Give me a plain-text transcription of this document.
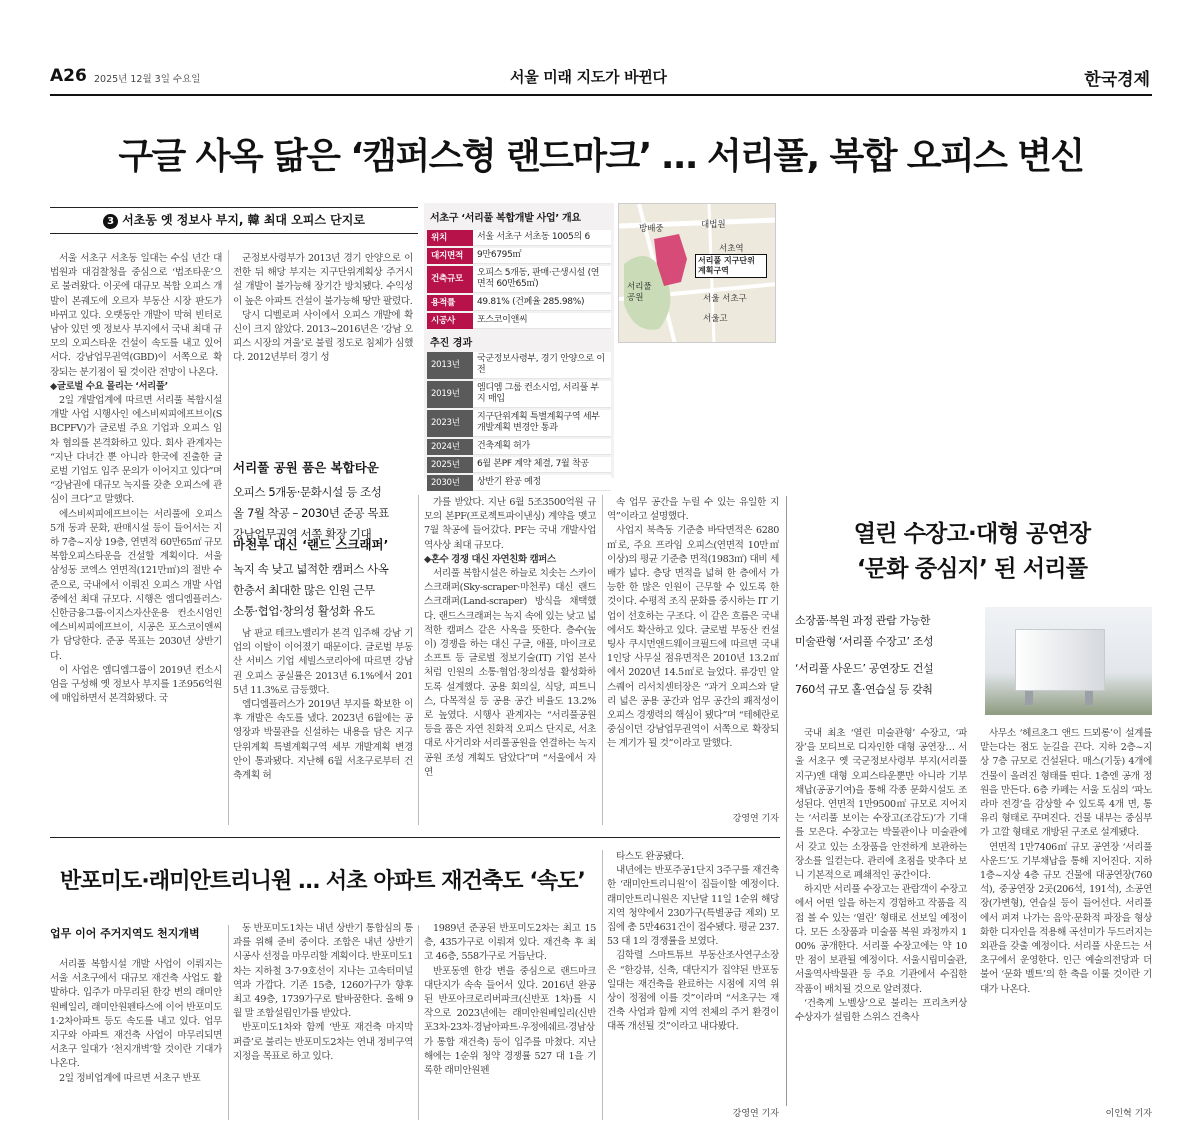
A26 2025년 12월 3일 수요일	서울 미래 지도가 바뀐다	한국경제
구글 사옥 닮은 ‘캠퍼스형 랜드마크’ … 서리풀, 복합 오피스 변신
3 서초동 옛 정보사 부지, 韓 최대 오피스 단지로

서울 서초구 서초동 일대는 수십 년간 대법원과 대검찰청을 중심으로 ‘법조타운’으로 불려왔다. 이곳에 대규모 복합 오피스 개발이 본궤도에 오르자 부동산 시장 판도가 바뀌고 있다. 오랫동안 개발이 막혀 빈터로 남아 있던 옛 정보사 부지에서 국내 최대 규모의 오피스타운 건설이 속도를 내고 있어서다. 강남업무권역(GBD)이 서쪽으로 확장되는 분기점이 될 것이란 전망이 나온다.

◆글로벌 수요 몰리는 ‘서리풀’

2일 개발업계에 따르면 서리풀 복합시설 개발 사업 시행사인 에스비씨피에프브이(SBCPFV)가 글로벌 주요 기업과 오피스 임차 협의를 본격화하고 있다. 회사 관계자는 “지난 다녀간 뿐 아니라 한국에 진출한 글로벌 기업도 입주 문의가 이어지고 있다”며 “강남권에 대규모 녹지를 갖춘 오피스에 관심이 크다”고 말했다.

에스비씨피에프브이는 서리풀에 오피스 5개 동과 문화, 판매시설 등이 들어서는 지하 7층~지상 19층, 연면적 60만65㎡ 규모 복합오피스타운을 건설할 계획이다. 서울 삼성동 코엑스 연면적(121만㎡)의 절반 수준으로, 국내에서 이뤄진 오피스 개발 사업 중에선 최대 규모다. 시행은 엠디엠플러스·신한금융그룹·이지스자산운용 컨소시엄인 에스비씨피에프브이, 시공은 포스코이앤씨가 담당한다. 준공 목표는 2030년 상반기다.

이 사업은 엠디엠그룹이 2019년 컨소시엄을 구성해 옛 정보사 부지를 1조956억원에 매입하면서 본격화됐다. 국

군정보사령부가 2013년 경기 안양으로 이전한 뒤 해당 부지는 지구단위계획상 주거시설 개발이 불가능해 장기간 방치됐다. 수익성이 높은 아파트 건설이 불가능해 땅만 팔렸다.

당시 디벨로퍼 사이에서 오피스 개발에 확신이 크지 않았다. 2013~2016년은 ‘강남 오피스 시장의 겨울’로 불릴 정도로 침체가 심했다. 2012년부터 경기 성

서리풀 공원 품은 복합타운
오피스 5개동·문화시설 등 조성
올 7월 착공 – 2030년 준공 목표
강남업무권역 서쪽 확장 기대
마천루 대신 ‘랜드 스크래퍼’
녹지 속 낮고 넓적한 캠퍼스 사옥
한층서 최대한 많은 인원 근무
소통·협업·창의성 활성화 유도

남 판교 테크노밸리가 본격 입주해 강남 기업의 이탈이 이어졌기 때문이다. 글로벌 부동산 서비스 기업 세빌스코리아에 따르면 강남권 오피스 공실률은 2013년 6.1%에서 2015년 11.3%로 급등했다.

엠디엠플러스가 2019년 부지를 확보한 이후 개발은 속도를 냈다. 2023년 6월에는 공영장과 박물관을 신설하는 내용을 담은 지구단위계획 특별계획구역 세부 개발계획 변경안이 통과됐다. 지난해 6월 서초구로부터 건축계획 허

서초구 ‘서리풀 복합개발 사업’ 개요
위치	서울 서초구 서초동 1005의 6
대지면적	9만6795㎡
건축규모	오피스 5개동, 판매·근생시설 (연면적 60만65㎡)
용적률	49.81% (건폐율 285.98%)
시공사	포스코이앤씨
추진 경과
2013년	국군정보사령부, 경기 안양으로 이전
2019년	엠디엠 그룹 컨소시엄, 서리풀 부지 매입
2023년	지구단위계획 특별계획구역 세부 개발계획 변경안 통과
2024년	건축계획 허가
2025년	6월 본PF 계약 체결, 7월 착공
2030년	상반기 완공 예정
방배중	대법원
서초역
서리풀 지구단위 계획구역
서리풀 공원	서울 서초구
서울고
서리풀 복합시설 개발사업 조감도

가를 받았다. 지난 6월 5조3500억원 규모의 본PF(프로젝트파이낸싱) 계약을 맺고 7월 착공에 들어갔다. PF는 국내 개발사업 역사상 최대 규모다.

◆혼수 경쟁 대신 자연친화 캠퍼스

서리풀 복합시설은 하늘로 치솟는 스카이스크래퍼(Sky-scraper·마천루) 대신 랜드스크래퍼(Land-scraper) 방식을 채택했다. 랜드스크래퍼는 녹지 속에 있는 낮고 넓적한 캠퍼스 같은 사옥을 뜻한다. 층수(높이) 경쟁을 하는 대신 구글, 애플, 마이크로소프트 등 글로벌 정보기술(IT) 기업 본사처럼 인원의 소통·협업·창의성을 활성화하도록 설계했다. 공용 회의실, 식당, 피트니스, 다목적실 등 공용 공간 비율도 13.2%로 높였다. 시행사 관계자는 “서리풀공원 등을 품은 자연 친화적 오피스 단지로, 서초대로 사거리와 서리풀공원을 연결하는 녹지 공원 조성 계획도 담았다”며 “서울에서 자연

속 업무 공간을 누릴 수 있는 유일한 지역”이라고 설명했다.

사업지 북측동 기준층 바닥면적은 6280㎡로, 주요 프라임 오피스(연면적 10만㎡ 이상)의 평균 기준층 면적(1983㎡) 대비 세 배가 넓다. 층당 면적을 넓혀 한 층에서 가능한 한 많은 인원이 근무할 수 있도록 한 것이다. 수평적 조직 문화를 중시하는 IT 기업이 선호하는 구조다. 이 같은 흐름은 국내에서도 확산하고 있다. 글로벌 부동산 컨설팅사 쿠시먼앤드웨이크필드에 따르면 국내 1인당 사무실 점유면적은 2010년 13.2㎡에서 2020년 14.5㎡로 늘었다. 류강민 알스퀘어 리서치센터장은 “과거 오피스와 달리 넓은 공용 공간과 업무 공간의 쾌적성이 오피스 경쟁력의 핵심이 됐다”며 “테헤란로 중심이던 강남업무권역이 서쪽으로 확장되는 계기가 될 것”이라고 말했다.

강영연 기자
열린 수장고·대형 공연장
‘문화 중심지’ 된 서리풀
소장품·복원 과정 관람 가능한
미술관형 ‘서리풀 수장고’ 조성
‘서리풀 사운드’ 공연장도 건설
760석 규모 홀·연습실 등 갖춰

국내 최초 ‘열린 미술관형’ 수장고, ‘파장’을 모티브로 디자인한 대형 공연장… 서울 서초구 옛 국군정보사령부 부지(서리풀지구)엔 대형 오피스타운뿐만 아니라 기부채납(공공기여)을 통해 각종 문화시설도 조성된다. 연면적 1만9500㎡ 규모로 지어지는 ‘서리풀 보이는 수장고(조감도)’가 기대를 모은다. 수장고는 박물관이나 미술관에서 갖고 있는 소장품을 안전하게 보관하는 장소를 일컫는다. 관리에 초점을 맞추다 보니 기본적으로 폐쇄적인 공간이다.

하지만 서리풀 수장고는 관람객이 수장고에서 어떤 일을 하는지 경험하고 작품을 직접 볼 수 있는 ‘열린’ 형태로 선보일 예정이다. 모든 소장품과 미술품 복원 과정까지 100% 공개한다. 서리풀 수장고에는 약 10만 점이 보관될 예정이다. 서울시립미술관, 서울역사박물관 등 주요 기관에서 수집한 작품이 배치될 것으로 알려졌다.

‘건축계 노벨상’으로 불리는 프리츠커상 수상자가 설립한 스위스 건축사

사무소 ‘헤르초그 앤드 드뫼롱’이 설계를 맡는다는 점도 눈길을 끈다. 지하 2층~지상 7층 규모로 건설된다. 매스(기둥) 4개에 건물이 올려진 형태를 띤다. 1층엔 공개 정원을 만든다. 6층 카페는 서울 도심의 ‘파노라마 전경’을 감상할 수 있도록 4개 면, 통유리 형태로 꾸며진다. 건물 내부는 중심부가 고깔 형태로 개방된 구조로 설계됐다.

연면적 1만7406㎡ 규모 공연장 ‘서리풀 사운드’도 기부채납을 통해 지어진다. 지하 1층~지상 4층 규모 건물에 대공연장(760석), 중공연장 2곳(206석, 191석), 소공연장(가변형), 연습실 등이 들어선다. 서리풀에서 퍼져 나가는 음악·문화적 파장을 형상화한 디자인을 적용해 곡선미가 두드러지는 외관을 갖출 예정이다. 서리풀 사운드는 서초구에서 운영한다. 인근 예술의전당과 더불어 ‘문화 벨트’의 한 축을 이룰 것이란 기대가 나온다.

이인혁 기자
반포미도·래미안트리니원 … 서초 아파트 재건축도 ‘속도’
업무 이어 주거지역도 천지개벽

서리풀 복합시설 개발 사업이 이뤄지는 서울 서초구에서 대규모 재건축 사업도 활발하다. 입주가 마무리된 한강 변의 래미안원베일리, 래미안원펜타스에 이어 반포미도1·2차아파트 등도 속도를 내고 있다. 업무지구와 아파트 재건축 사업이 마무리되면 서초구 일대가 ‘천지개벽’할 것이란 기대가 나온다.

2일 정비업계에 따르면 서초구 반포

동 반포미도1차는 내년 상반기 통합심의 통과를 위해 준비 중이다. 조합은 내년 상반기 시공사 선정을 마무리할 계획이다. 반포미도1차는 지하철 3·7·9호선이 지나는 고속터미널역과 가깝다. 기존 15층, 1260가구가 향후 최고 49층, 1739가구로 탈바꿈한다. 올해 9월 말 조합설립인가를 받았다.

반포미도1차와 함께 ‘반포 재건축 마지막 퍼즐’로 불리는 반포미도2차는 연내 정비구역 지정을 목표로 하고 있다.

1989년 준공된 반포미도2차는 최고 15층, 435가구로 이뤄져 있다. 재건축 후 최고 46층, 558가구로 거듭난다.

반포동엔 한강 변을 중심으로 랜드마크 대단지가 속속 들어서 있다. 2016년 완공된 반포아크로리버파크(신반포 1차)를 시작으로 2023년에는 래미안원베일리(신반포3차·23차·경남아파트·우정에쉐르·경남상가 통합 재건축) 등이 입주를 마쳤다. 지난해에는 1순위 청약 경쟁률 527 대 1을 기록한 래미안원펜

타스도 완공됐다.

내년에는 반포주공1단지 3주구를 재건축한 ‘래미안트리니원’이 집들이할 예정이다. 래미안트리니원은 지난달 11일 1순위 해당 지역 청약에서 230가구(특별공급 제외) 모집에 총 5만4631건이 접수됐다. 평균 237.53 대 1의 경쟁률을 보였다.

김학렬 스마트튜브 부동산조사연구소장은 “한강뷰, 신축, 대단지가 집약된 반포동 일대는 재건축을 완료하는 시점에 지역 위상이 정점에 이를 것”이라며 “서초구는 재건축 사업과 함께 지역 전체의 주거 환경이 대폭 개선될 것”이라고 내다봤다.

강영연 기자
